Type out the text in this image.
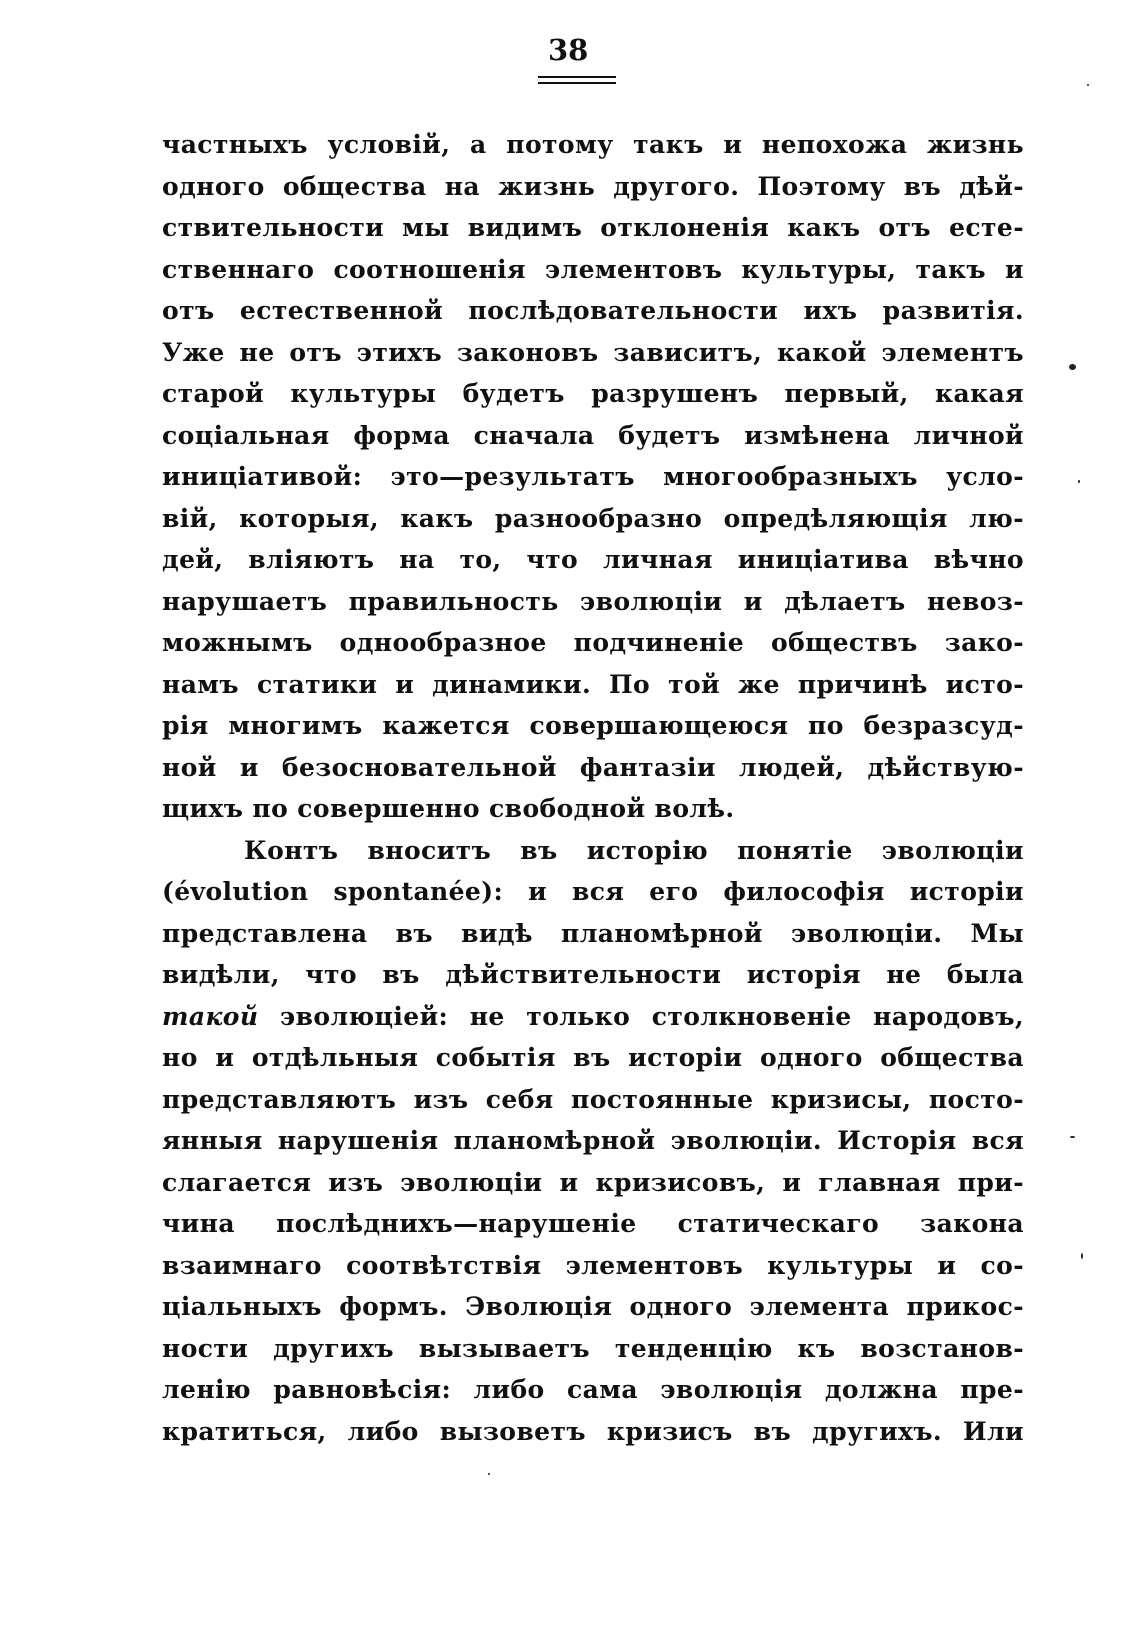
38

частныхъ условій, а потому такъ и непохожа жизнь

одного общества на жизнь другого. Поэтому въ дѣй-

ствительности мы видимъ отклоненія какъ отъ есте-

ственнаго соотношенія элементовъ культуры, такъ и

отъ естественной послѣдовательности ихъ развитія.

Уже не отъ этихъ законовъ зависитъ, какой элементъ

старой культуры будетъ разрушенъ первый, какая

соціальная форма сначала будетъ измѣнена личной

иниціативой: это—результатъ многообразныхъ усло-

вій, которыя, какъ разнообразно опредѣляющія лю-

дей, вліяютъ на то, что личная иниціатива вѣчно

нарушаетъ правильность эволюціи и дѣлаетъ невоз-

можнымъ однообразное подчиненіе обществъ зако-

намъ статики и динамики. По той же причинѣ исто-

рія многимъ кажется совершающеюся по безразсуд-

ной и безосновательной фантазіи людей, дѣйствую-

щихъ по совершенно свободной волѣ.

Контъ вноситъ въ исторію понятіе эволюціи

(évolution spontanée): и вся его философія исторіи

представлена въ видѣ планомѣрной эволюціи. Мы

видѣли, что въ дѣйствительности исторія не была

такой эволюціей: не только столкновеніе народовъ,

но и отдѣльныя событія въ исторіи одного общества

представляютъ изъ себя постоянные кризисы, посто-

янныя нарушенія планомѣрной эволюціи. Исторія вся

слагается изъ эволюціи и кризисовъ, и главная при-

чина послѣднихъ—нарушеніе статическаго закона

взаимнаго соотвѣтствія элементовъ культуры и со-

ціальныхъ формъ. Эволюція одного элемента прикос-

ности другихъ вызываетъ тенденцію къ возстанов-

ленію равновѣсія: либо сама эволюція должна пре-

кратиться, либо вызоветъ кризисъ въ другихъ. Или
